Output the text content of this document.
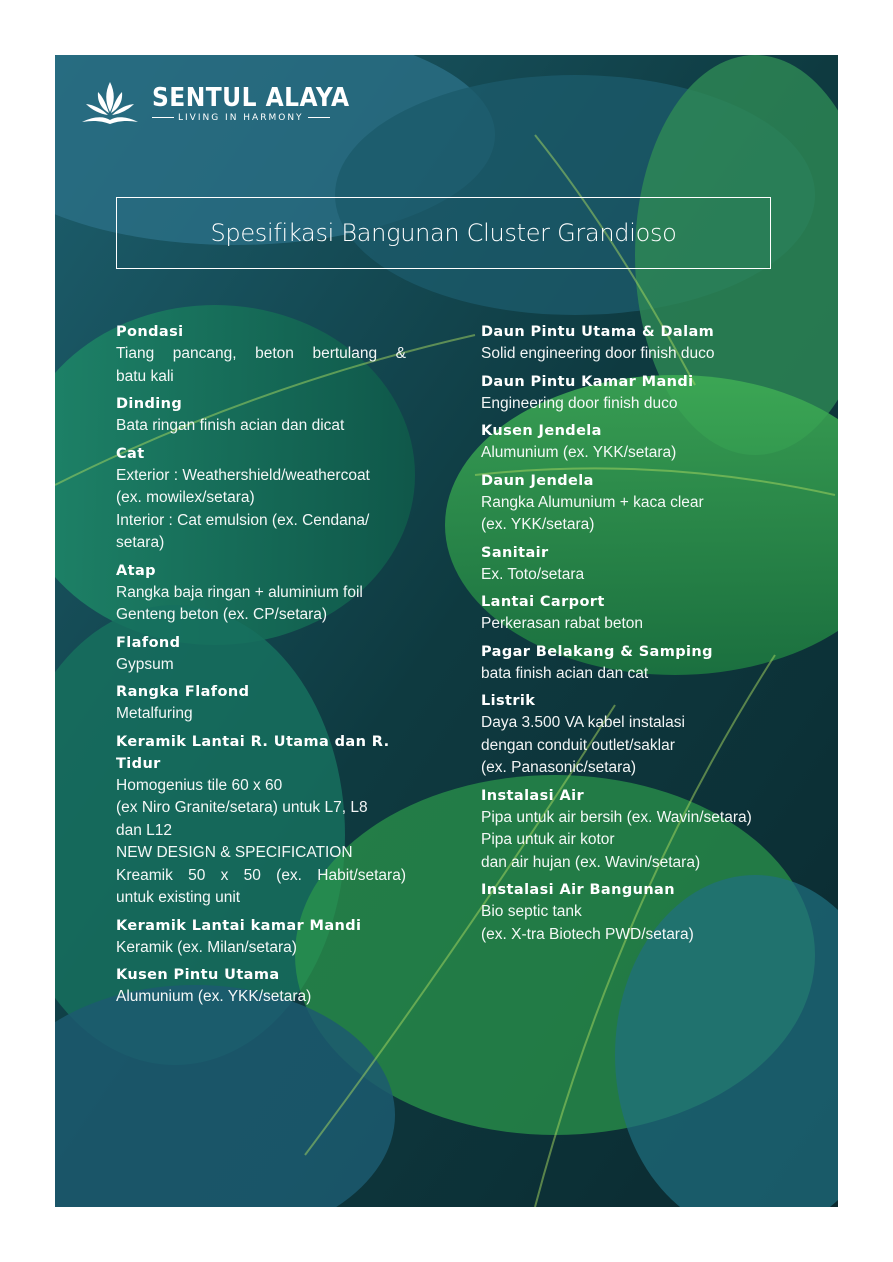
SENTUL ALAYA
LIVING IN HARMONY
Spesifikasi Bangunan Cluster Grandioso
Pondasi

Tiang pancang, beton bertulang &

batu kali

Dinding

Bata ringan finish acian dan dicat

Cat

Exterior : Weathershield/weathercoat

(ex. mowilex/setara)

Interior : Cat emulsion (ex. Cendana/

setara)

Atap

Rangka baja ringan + aluminium foil

Genteng beton (ex. CP/setara)

Flafond

Gypsum

Rangka Flafond

Metalfuring

Keramik Lantai R. Utama dan R. Tidur

Homogenius tile 60 x 60

(ex Niro Granite/setara) untuk L7, L8

dan L12

NEW DESIGN & SPECIFICATION

Kreamik 50 x 50 (ex. Habit/setara)

untuk existing unit

Keramik Lantai kamar Mandi

Keramik (ex. Milan/setara)

Kusen Pintu Utama

Alumunium (ex. YKK/setara)

Daun Pintu Utama & Dalam

Solid engineering door finish duco

Daun Pintu Kamar Mandi

Engineering door finish duco

Kusen Jendela

Alumunium (ex. YKK/setara)

Daun Jendela

Rangka Alumunium + kaca clear

(ex. YKK/setara)

Sanitair

Ex. Toto/setara

Lantai Carport

Perkerasan rabat beton

Pagar Belakang & Samping

bata finish acian dan cat

Listrik

Daya 3.500 VA kabel instalasi

dengan conduit outlet/saklar

(ex. Panasonic/setara)

Instalasi Air

Pipa untuk air bersih (ex. Wavin/setara)

Pipa untuk air kotor

dan air hujan (ex. Wavin/setara)

Instalasi Air Bangunan

Bio septic tank

(ex. X-tra Biotech PWD/setara)
